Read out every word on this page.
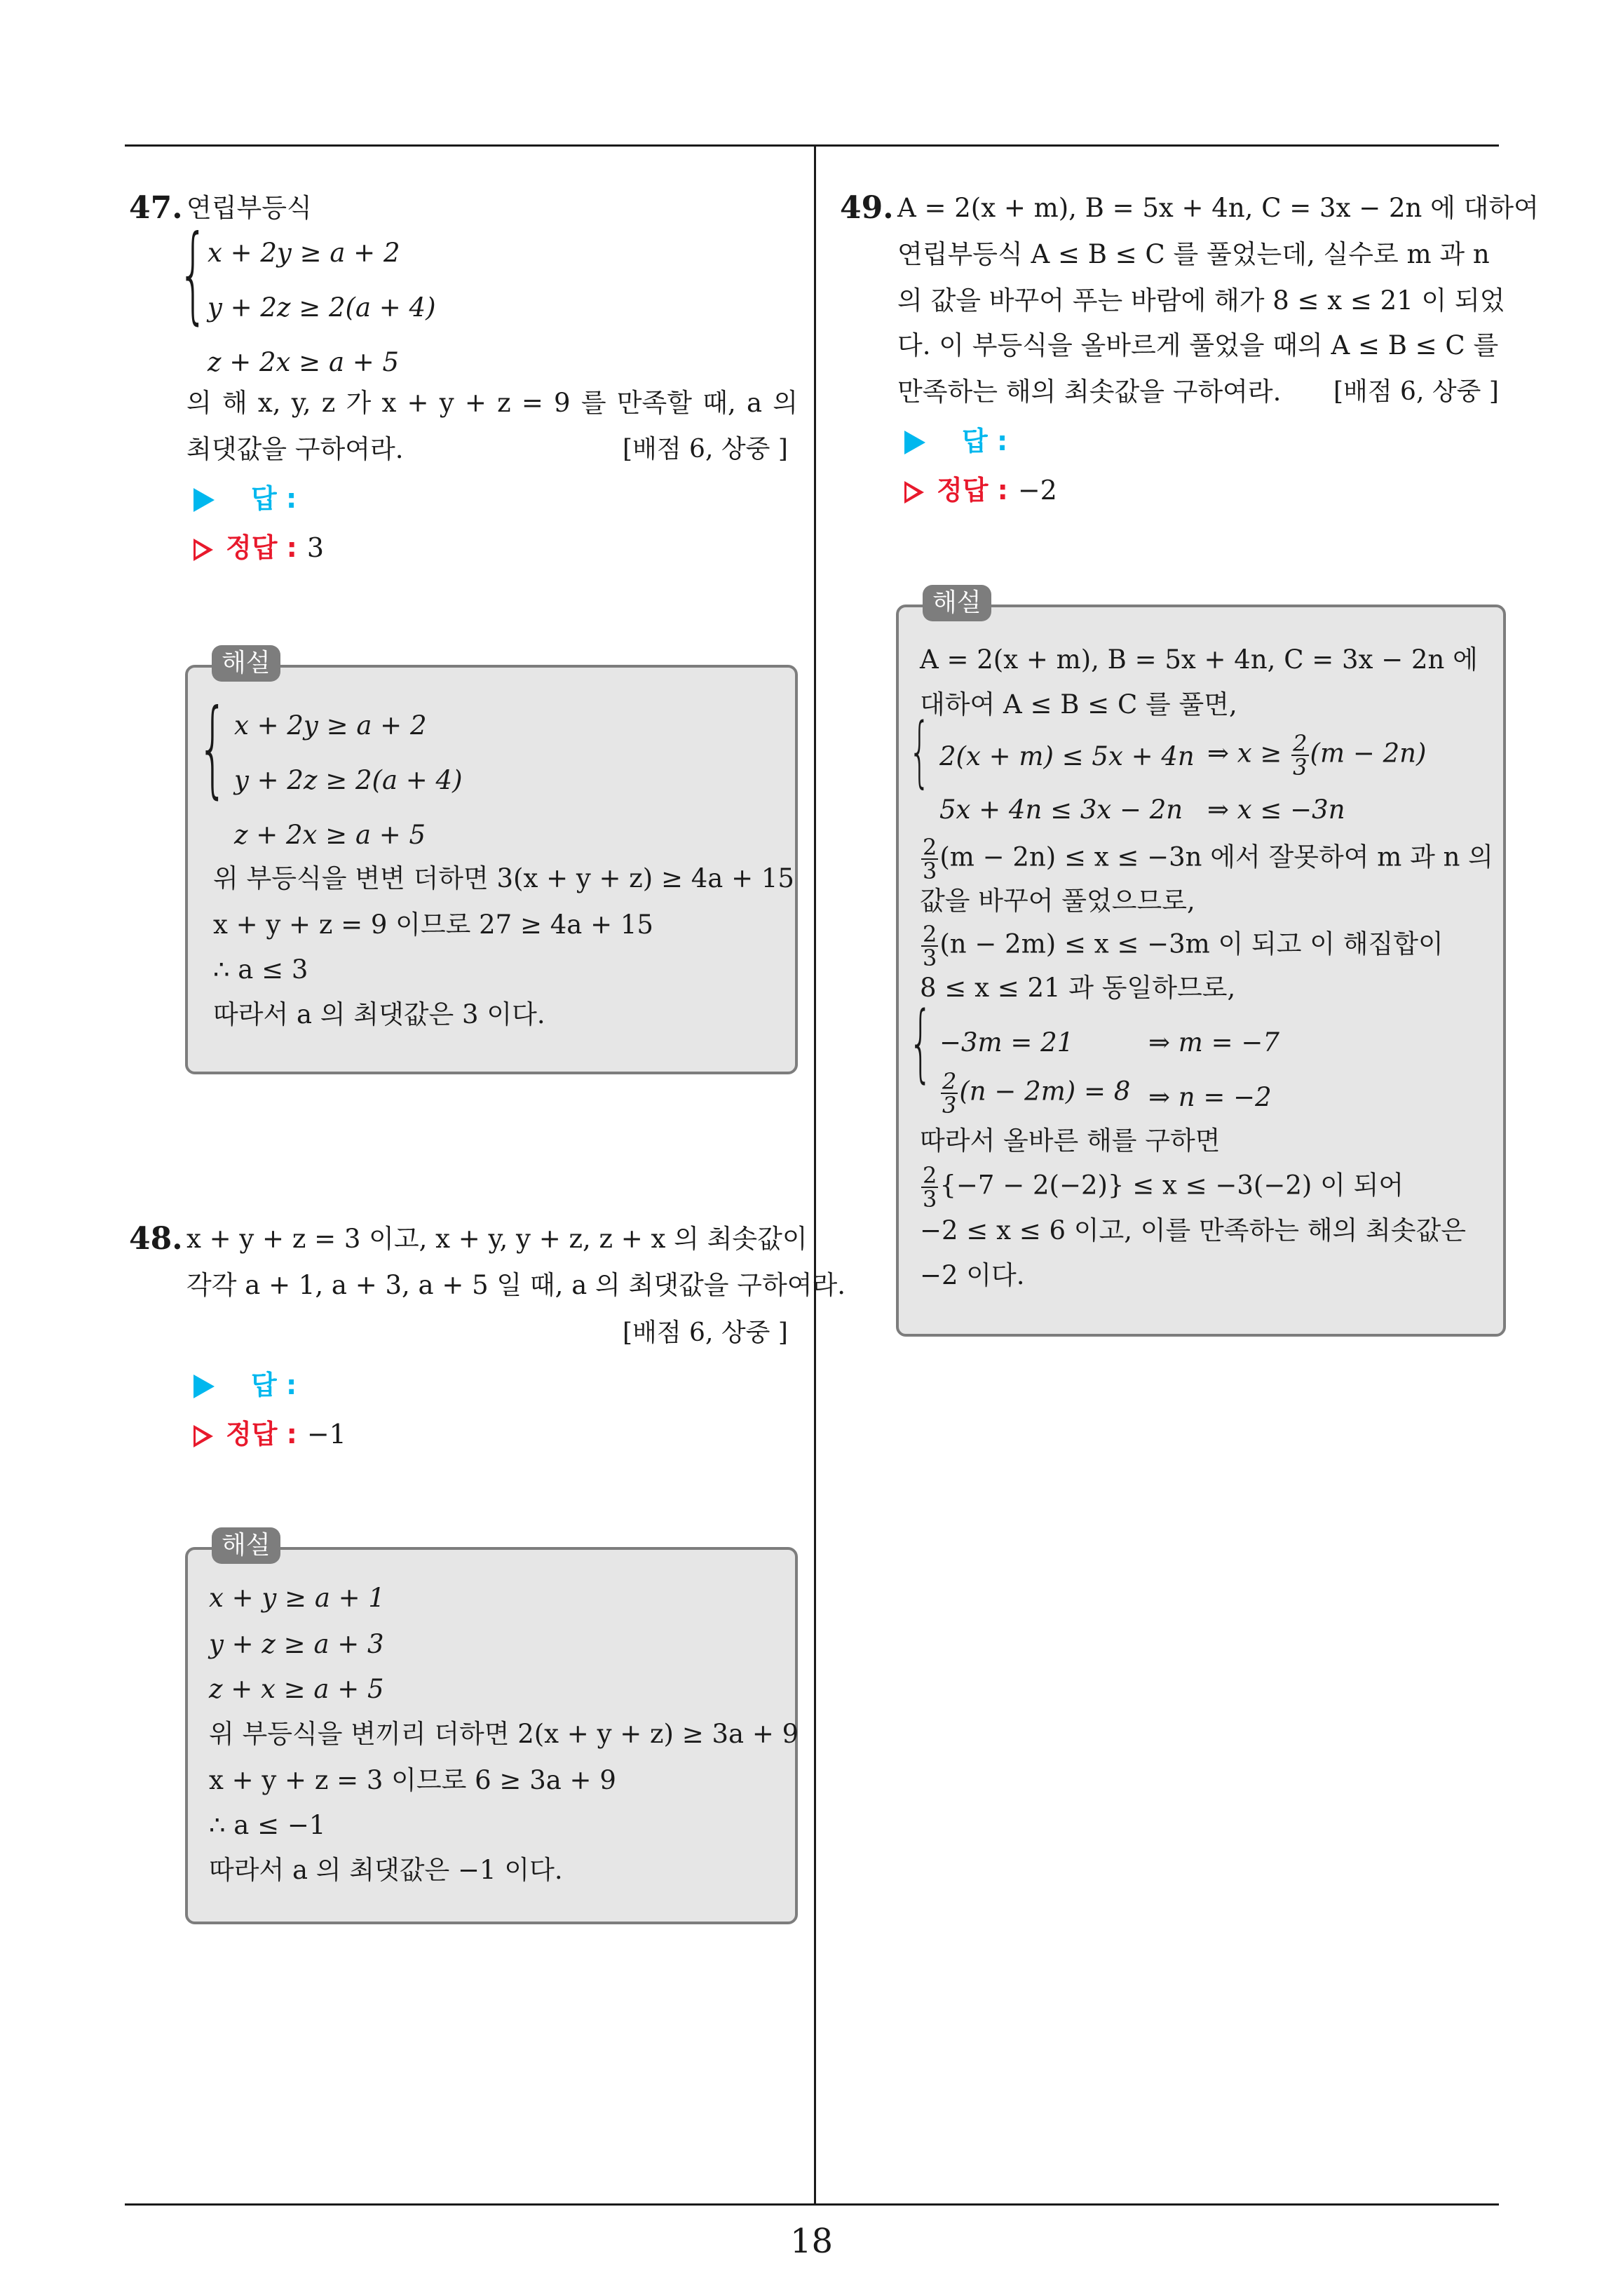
47. 연립부등식
{ x + 2y ≥ a + 2
y + 2z ≥ 2(a + 4)
z + 2x ≥ a + 5
의 해 x, y, z 가 x + y + z = 9 를 만족할 때, a 의
최댓값을 구하여라.	[배점 6, 상중 ]
답 :
정답 : 3
{ x + 2y ≥ a + 2
y + 2z ≥ 2(a + 4)
z + 2x ≥ a + 5
위 부등식을 변변 더하면 3(x + y + z) ≥ 4a + 15
x + y + z = 9 이므로 27 ≥ 4a + 15
∴ a ≤ 3
따라서 a 의 최댓값은 3 이다.
해설
48. x + y + z = 3 이고, x + y, y + z, z + x 의 최솟값이
각각 a + 1, a + 3, a + 5 일 때, a 의 최댓값을 구하여라.
[배점 6, 상중 ]
답 :
정답 : −1
x + y ≥ a + 1
y + z ≥ a + 3
z + x ≥ a + 5
위 부등식을 변끼리 더하면 2(x + y + z) ≥ 3a + 9
x + y + z = 3 이므로 6 ≥ 3a + 9
∴ a ≤ −1
따라서 a 의 최댓값은 −1 이다.
해설
49. A = 2(x + m), B = 5x + 4n, C = 3x − 2n 에 대하여
연립부등식 A ≤ B ≤ C 를 풀었는데, 실수로 m 과 n
의 값을 바꾸어 푸는 바람에 해가 8 ≤ x ≤ 21 이 되었
다. 이 부등식을 올바르게 풀었을 때의 A ≤ B ≤ C 를
만족하는 해의 최솟값을 구하여라. [배점 6, 상중 ]
답 :
정답 : −2
A = 2(x + m), B = 5x + 4n, C = 3x − 2n 에
대하여 A ≤ B ≤ C 를 풀면,
{ 2(x + m) ≤ 5x + 4n ⇒ $x \ge \frac{2}{3} (m - 2n)$
5x + 4n ≤ 3x − 2n ⇒ x ≤ −3n
$\frac{2}{3} (m - 2n) \le x \le -3n$ 에서 잘못하여 m 과 n 의
값을 바꾸어 풀었으므로,
$\frac{2}{3} (n - 2m) \le x \le -3m$ 이 되고 이 해집합이
8 ≤ x ≤ 21 과 동일하므로,
{ −3m = 21	⇒ m = −7
$\frac{2}{3} (n - 2m) = 8$ ⇒ n = −2
따라서 올바른 해를 구하면
$\frac{2}{3} \{-7 - 2(-2)\} \le x \le -3(-2)$ 이 되어
−2 ≤ x ≤ 6 이고, 이를 만족하는 해의 최솟값은
−2 이다.
해설
18
